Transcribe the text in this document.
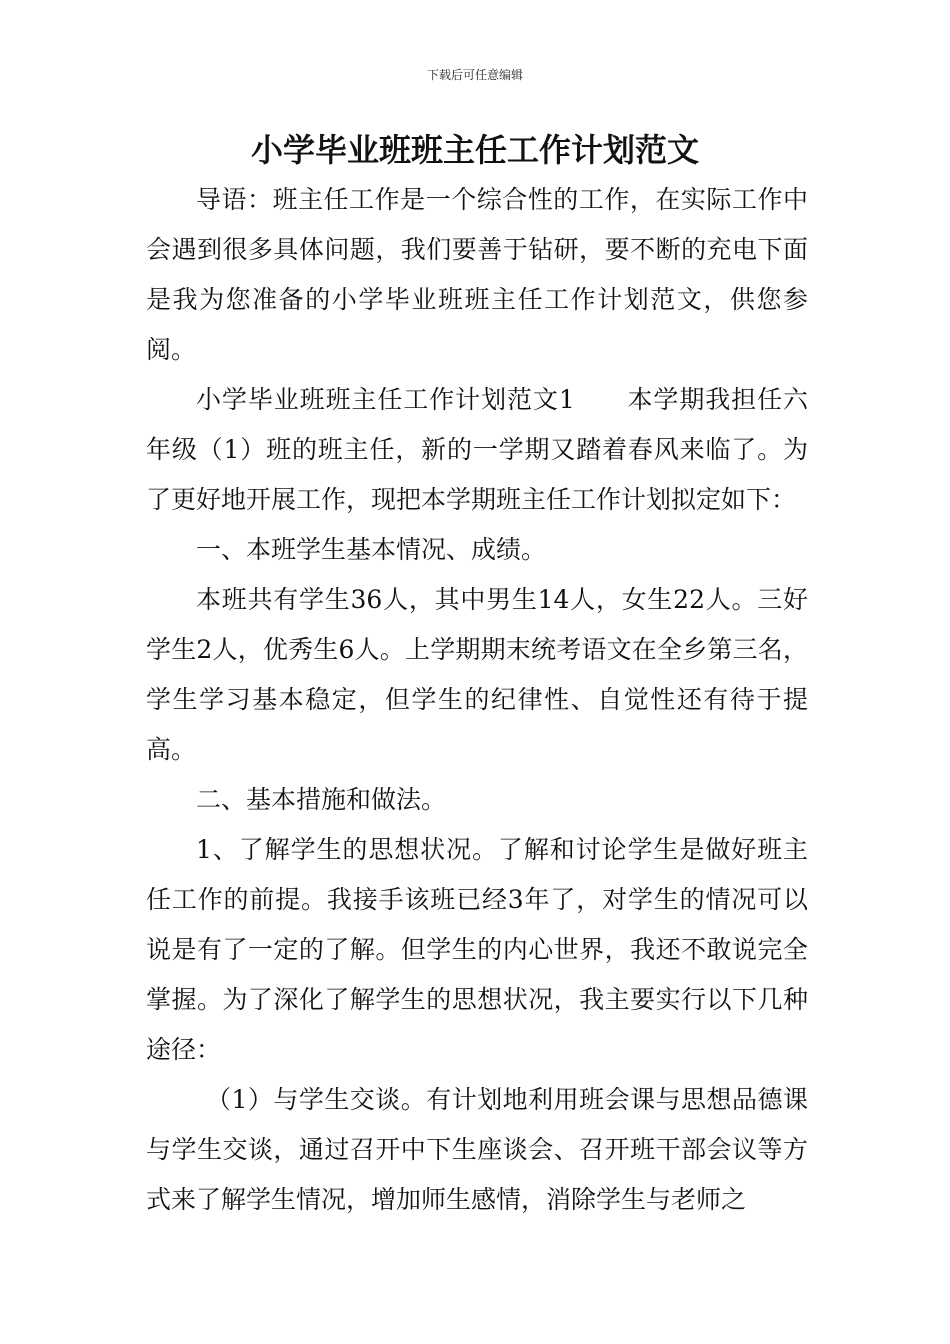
下载后可任意编辑
小学毕业班班主任工作计划范文

导语：班主任工作是一个综合性的工作，在实际工作中会遇到很多具体问题，我们要善于钻研，要不断的充电下面是我为您准备的小学毕业班班主任工作计划范文，供您参阅。

小学毕业班班主任工作计划范文1　　本学期我担任六年级（1）班的班主任，新的一学期又踏着春风来临了。为了更好地开展工作，现把本学期班主任工作计划拟定如下：

一、本班学生基本情况、成绩。

本班共有学生36人，其中男生14人，女生22人。三好学生2人，优秀生6人。上学期期末统考语文在全乡第三名，学生学习基本稳定，但学生的纪律性、自觉性还有待于提高。

二、基本措施和做法。

1、了解学生的思想状况。了解和讨论学生是做好班主任工作的前提。我接手该班已经3年了，对学生的情况可以说是有了一定的了解。但学生的内心世界，我还不敢说完全掌握。为了深化了解学生的思想状况，我主要实行以下几种途径：

（1）与学生交谈。有计划地利用班会课与思想品德课与学生交谈，通过召开中下生座谈会、召开班干部会议等方式来了解学生情况，增加师生感情，消除学生与老师之
